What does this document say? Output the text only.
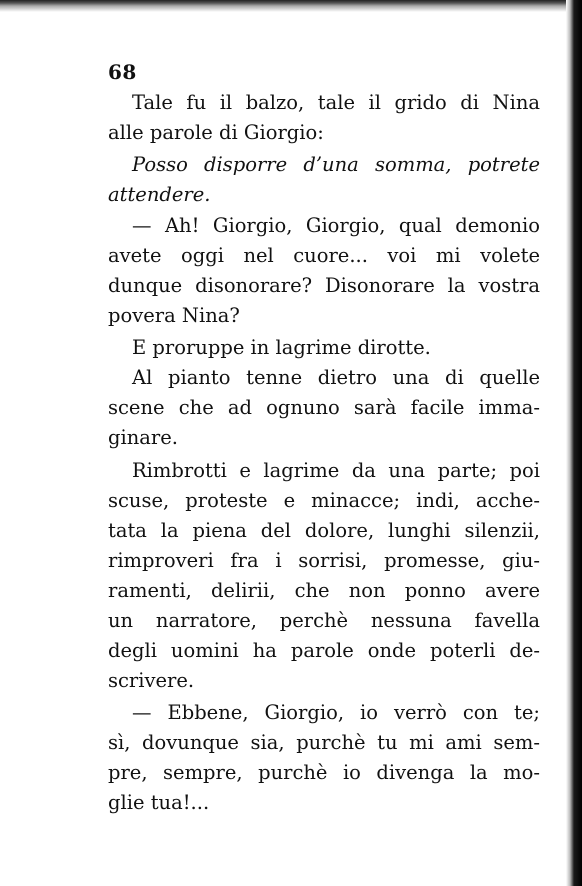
68
Tale fu il balzo, tale il grido di Nina
alle parole di Giorgio:
Posso disporre d’una somma, potrete
attendere.
— Ah! Giorgio, Giorgio, qual demonio
avete oggi nel cuore... voi mi volete
dunque disonorare? Disonorare la vostra
povera Nina?
E proruppe in lagrime dirotte.
Al pianto tenne dietro una di quelle
scene che ad ognuno sarà facile imma-
ginare.
Rimbrotti e lagrime da una parte; poi
scuse, proteste e minacce; indi, acche-
tata la piena del dolore, lunghi silenzii,
rimproveri fra i sorrisi, promesse, giu-
ramenti, delirii, che non ponno avere
un narratore, perchè nessuna favella
degli uomini ha parole onde poterli de-
scrivere.
— Ebbene, Giorgio, io verrò con te;
sì, dovunque sia, purchè tu mi ami sem-
pre, sempre, purchè io divenga la mo-
glie tua!...
